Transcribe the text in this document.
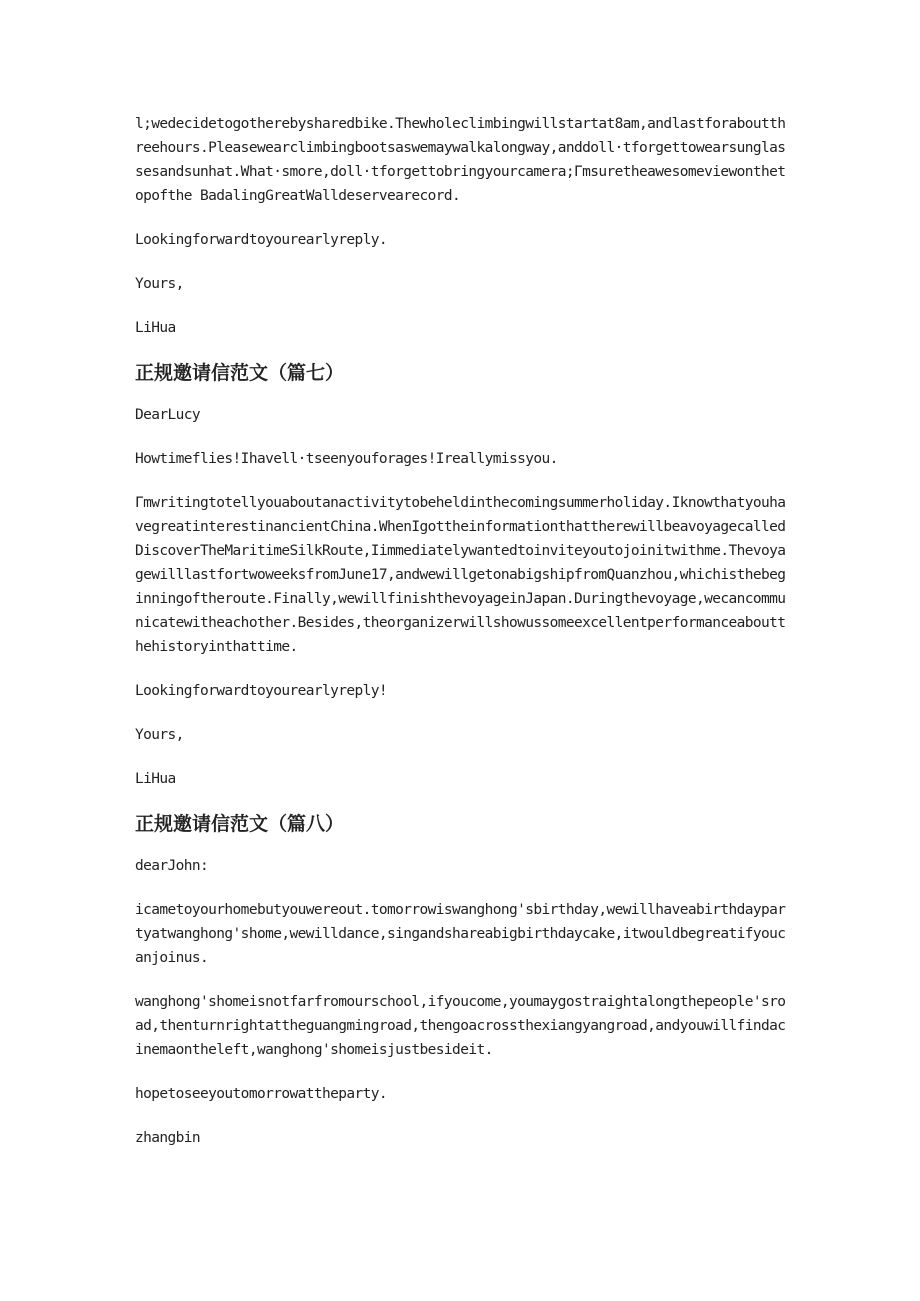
l;wedecidetogotherebysharedbike.Thewholeclimbingwillstartat8am,andlastforaboutthreehours.Pleasewearclimbingbootsaswemaywalkalongway,anddoll·tforgettowearsunglassesandsunhat.What·smore,doll·tforgettobringyourcamera;Γmsuretheawesomeviewonthetopofthe BadalingGreatWalldeservearecord.

Lookingforwardtoyourearlyreply.

Yours,

LiHua

正规邀请信范文（篇七）

DearLucy

Howtimeflies!Ihavell·tseenyouforages!Ireallymissyou.

Γmwritingtotellyouaboutanactivitytobeheldinthecomingsummerholiday.IknowthatyouhavegreatinterestinancientChina.WhenIgottheinformationthattherewillbeavoyagecalledDiscoverTheMaritimeSilkRoute,Iimmediatelywantedtoinviteyoutojoinitwithme.ThevoyagewilllastfortwoweeksfromJune17,andwewillgetonabigshipfromQuanzhou,whichisthebeginningoftheroute.Finally,wewillfinishthevoyageinJapan.Duringthevoyage,wecancommunicatewitheachother.Besides,theorganizerwillshowussomeexcellentperformanceaboutthehistoryinthattime.

Lookingforwardtoyourearlyreply!

Yours,

LiHua

正规邀请信范文（篇八）

dearJohn:

icametoyourhomebutyouwereout.tomorrowiswanghong'sbirthday,wewillhaveabirthdaypartyatwanghong'shome,wewilldance,singandshareabigbirthdaycake,itwouldbegreatifyoucanjoinus.

wanghong'shomeisnotfarfromourschool,ifyoucome,youmaygostraightalongthepeople'sroad,thenturnrightattheguangmingroad,thengoacrossthexiangyangroad,andyouwillfindacinemaontheleft,wanghong'shomeisjustbesideit.

hopetoseeyoutomorrowattheparty.

zhangbin
